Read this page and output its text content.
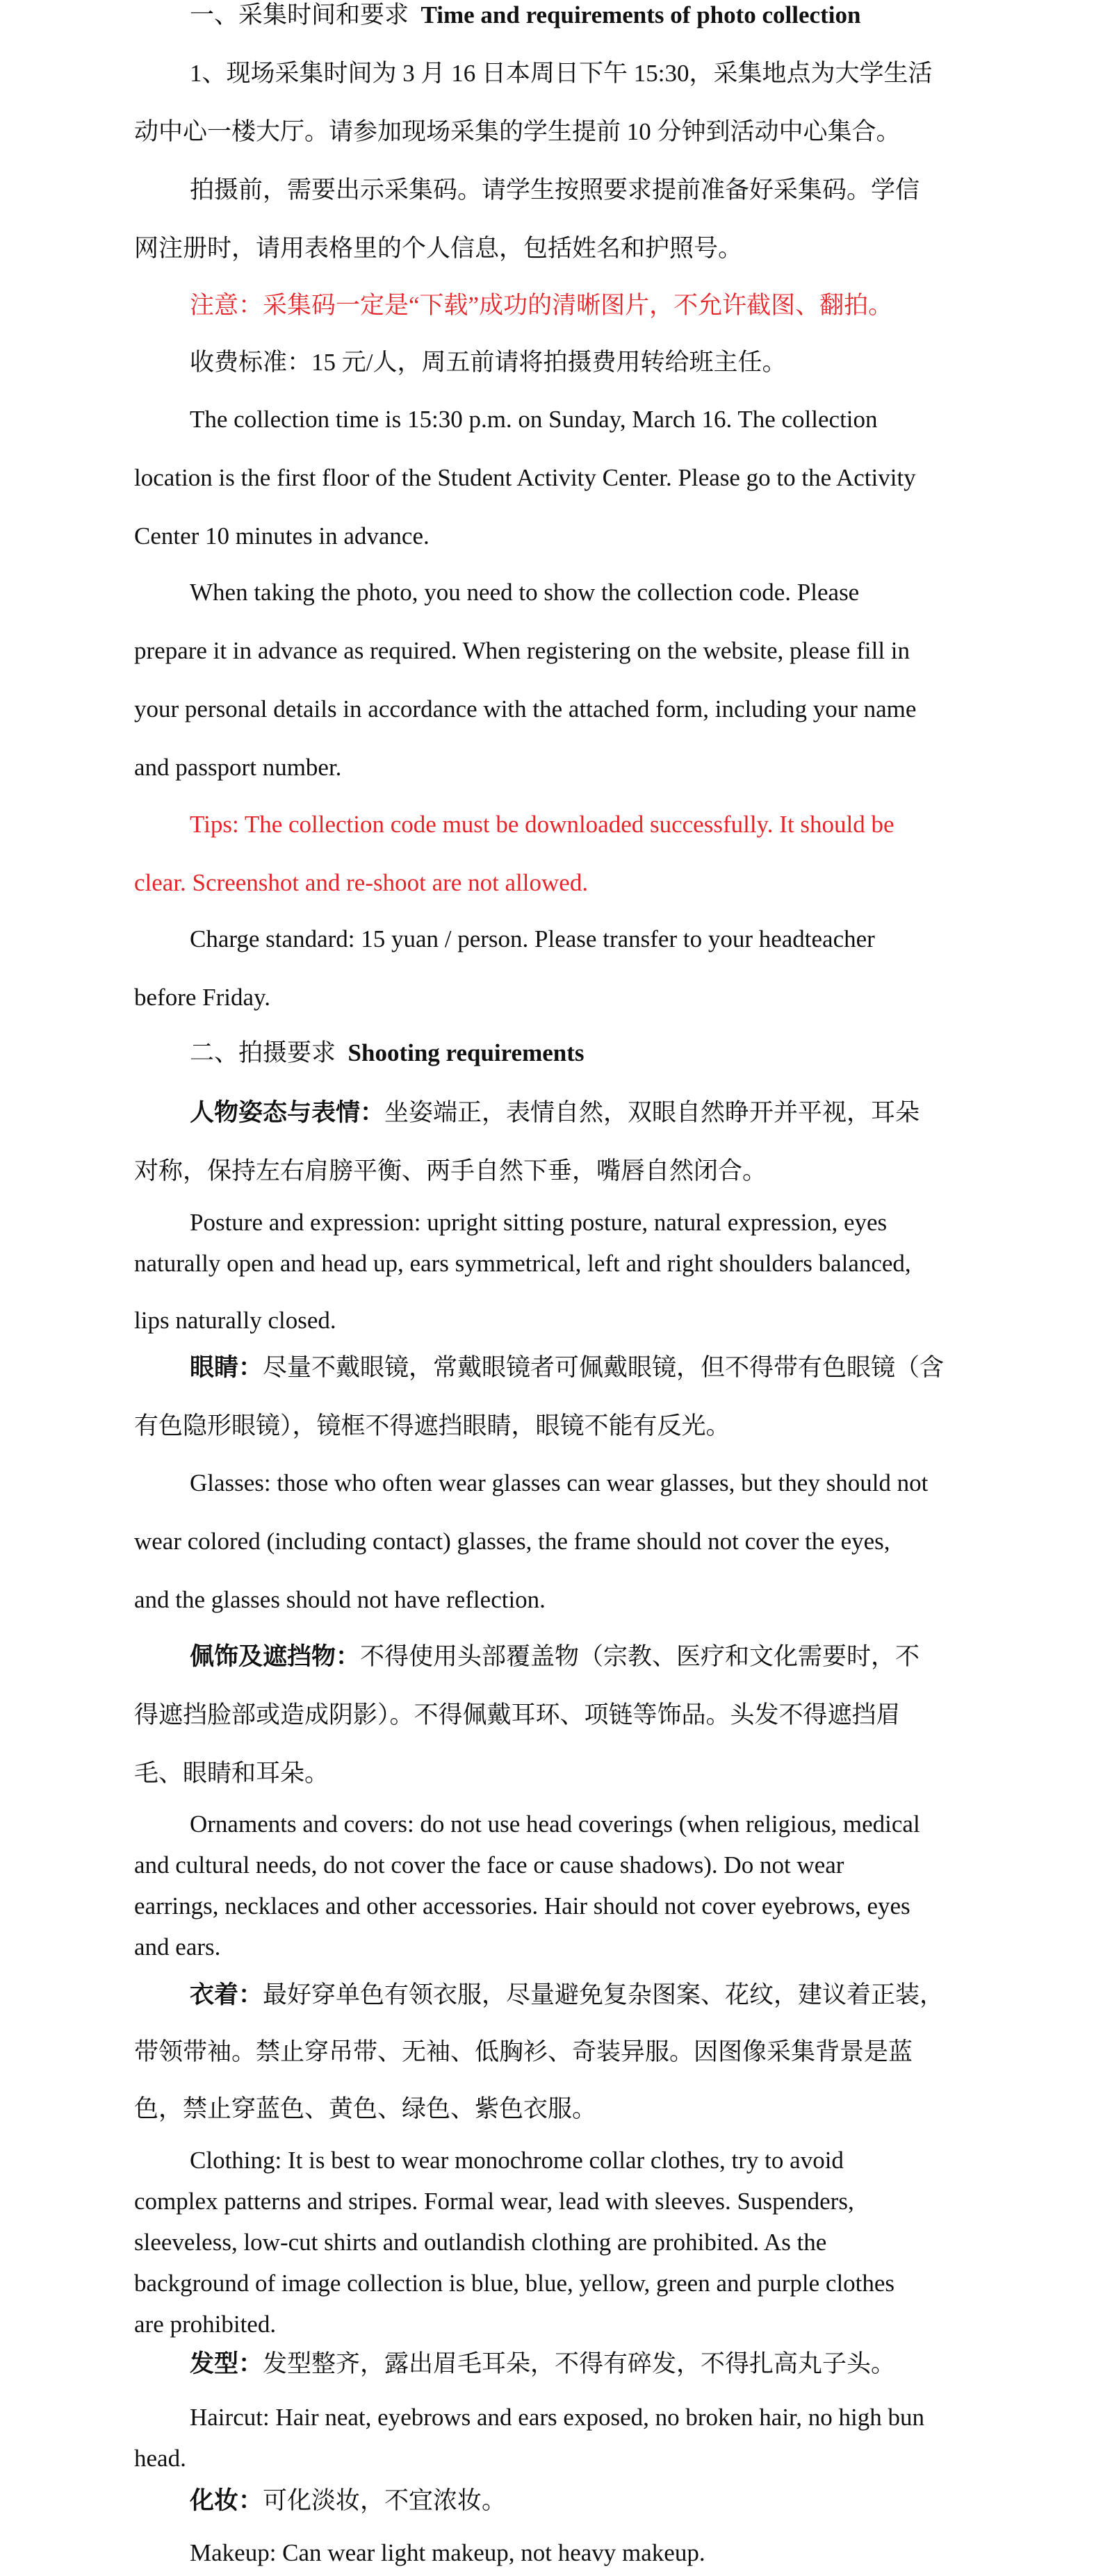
一、采集时间和要求 Time and requirements of photo collection
1、现场采集时间为 3 月 16 日本周日下午 15:30，采集地点为大学生活
动中心一楼大厅。请参加现场采集的学生提前 10 分钟到活动中心集合。
拍摄前，需要出示采集码。请学生按照要求提前准备好采集码。学信
网注册时，请用表格里的个人信息，包括姓名和护照号。
注意：采集码一定是“下载”成功的清晰图片，不允许截图、翻拍。
收费标准：15 元/人，周五前请将拍摄费用转给班主任。
The collection time is 15:30 p.m. on Sunday, March 16. The collection
location is the first floor of the Student Activity Center. Please go to the Activity
Center 10 minutes in advance.
When taking the photo, you need to show the collection code. Please
prepare it in advance as required. When registering on the website, please fill in
your personal details in accordance with the attached form, including your name
and passport number.
Tips: The collection code must be downloaded successfully. It should be
clear. Screenshot and re-shoot are not allowed.
Charge standard: 15 yuan / person. Please transfer to your headteacher
before Friday.
二、拍摄要求 Shooting requirements
人物姿态与表情：坐姿端正，表情自然，双眼自然睁开并平视，耳朵
对称，保持左右肩膀平衡、两手自然下垂，嘴唇自然闭合。
Posture and expression: upright sitting posture, natural expression, eyes
naturally open and head up, ears symmetrical, left and right shoulders balanced,
lips naturally closed.
眼睛：尽量不戴眼镜，常戴眼镜者可佩戴眼镜，但不得带有色眼镜（含
有色隐形眼镜），镜框不得遮挡眼睛，眼镜不能有反光。
Glasses: those who often wear glasses can wear glasses, but they should not
wear colored (including contact) glasses, the frame should not cover the eyes,
and the glasses should not have reflection.
佩饰及遮挡物：不得使用头部覆盖物（宗教、医疗和文化需要时，不
得遮挡脸部或造成阴影）。不得佩戴耳环、项链等饰品。头发不得遮挡眉
毛、眼睛和耳朵。
Ornaments and covers: do not use head coverings (when religious, medical
and cultural needs, do not cover the face or cause shadows). Do not wear
earrings, necklaces and other accessories. Hair should not cover eyebrows, eyes
and ears.
衣着：最好穿单色有领衣服，尽量避免复杂图案、花纹，建议着正装，
带领带袖。禁止穿吊带、无袖、低胸衫、奇装异服。因图像采集背景是蓝
色，禁止穿蓝色、黄色、绿色、紫色衣服。
Clothing: It is best to wear monochrome collar clothes, try to avoid
complex patterns and stripes. Formal wear, lead with sleeves. Suspenders,
sleeveless, low-cut shirts and outlandish clothing are prohibited. As the
background of image collection is blue, blue, yellow, green and purple clothes
are prohibited.
发型：发型整齐，露出眉毛耳朵，不得有碎发，不得扎高丸子头。
Haircut: Hair neat, eyebrows and ears exposed, no broken hair, no high bun
head.
化妆：可化淡妆，不宜浓妆。
Makeup: Can wear light makeup, not heavy makeup.
